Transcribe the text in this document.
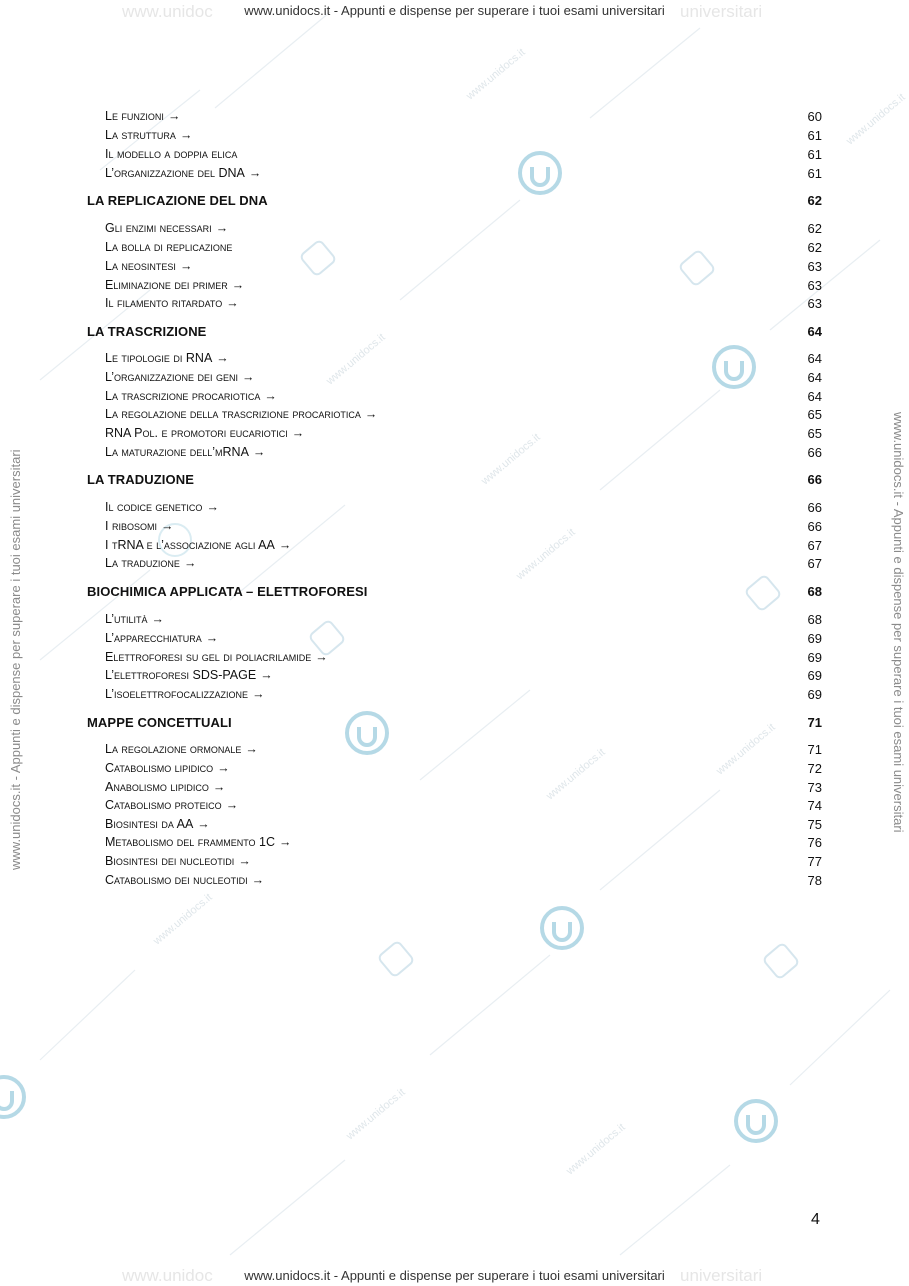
www.unidocs.it
www.unidocs.it
www.unidocs.it
www.unidocs.it
www.unidocs.it
www.unidocs.it
www.unidocs.it
www.unidocs.it
www.unidocs.it
www.unidocs.it
www.unidoc	universitari
www.unidoc	universitari
www.unidocs.it - Appunti e dispense per superare i tuoi esami universitari
www.unidocs.it - Appunti e dispense per superare i tuoi esami universitari
www.unidocs.it - Appunti e dispense per superare i tuoi esami universitari	www.unidocs.it - Appunti e dispense per superare i tuoi esami universitari
Le funzioni →	60
La struttura →	61
Il modello a doppia elica	61
L’organizzazione del DNA →	61
LA REPLICAZIONE DEL DNA	62
Gli enzimi necessari →	62
La bolla di replicazione	62
La neosintesi →	63
Eliminazione dei primer →	63
Il filamento ritardato →	63
LA TRASCRIZIONE	64
Le tipologie di RNA →	64
L’organizzazione dei geni →	64
La trascrizione procariotica →	64
La regolazione della trascrizione procariotica →	65
RNA Pol. e promotori eucariotici →	65
La maturazione dell’mRNA →	66
LA TRADUZIONE	66
Il codice genetico →	66
I ribosomi →	66
I tRNA e l’associazione agli AA →	67
La traduzione →	67
BIOCHIMICA APPLICATA – ELETTROFORESI	68
L’utilità →	68
L’apparecchiatura →	69
Elettroforesi su gel di poliacrilamide →	69
L’elettroforesi SDS-PAGE →	69
L’isoelettrofocalizzazione →	69
MAPPE CONCETTUALI	71
La regolazione ormonale →	71
Catabolismo lipidico →	72
Anabolismo lipidico →	73
Catabolismo proteico →	74
Biosintesi da AA →	75
Metabolismo del frammento 1C →	76
Biosintesi dei nucleotidi →	77
Catabolismo dei nucleotidi →	78
4
